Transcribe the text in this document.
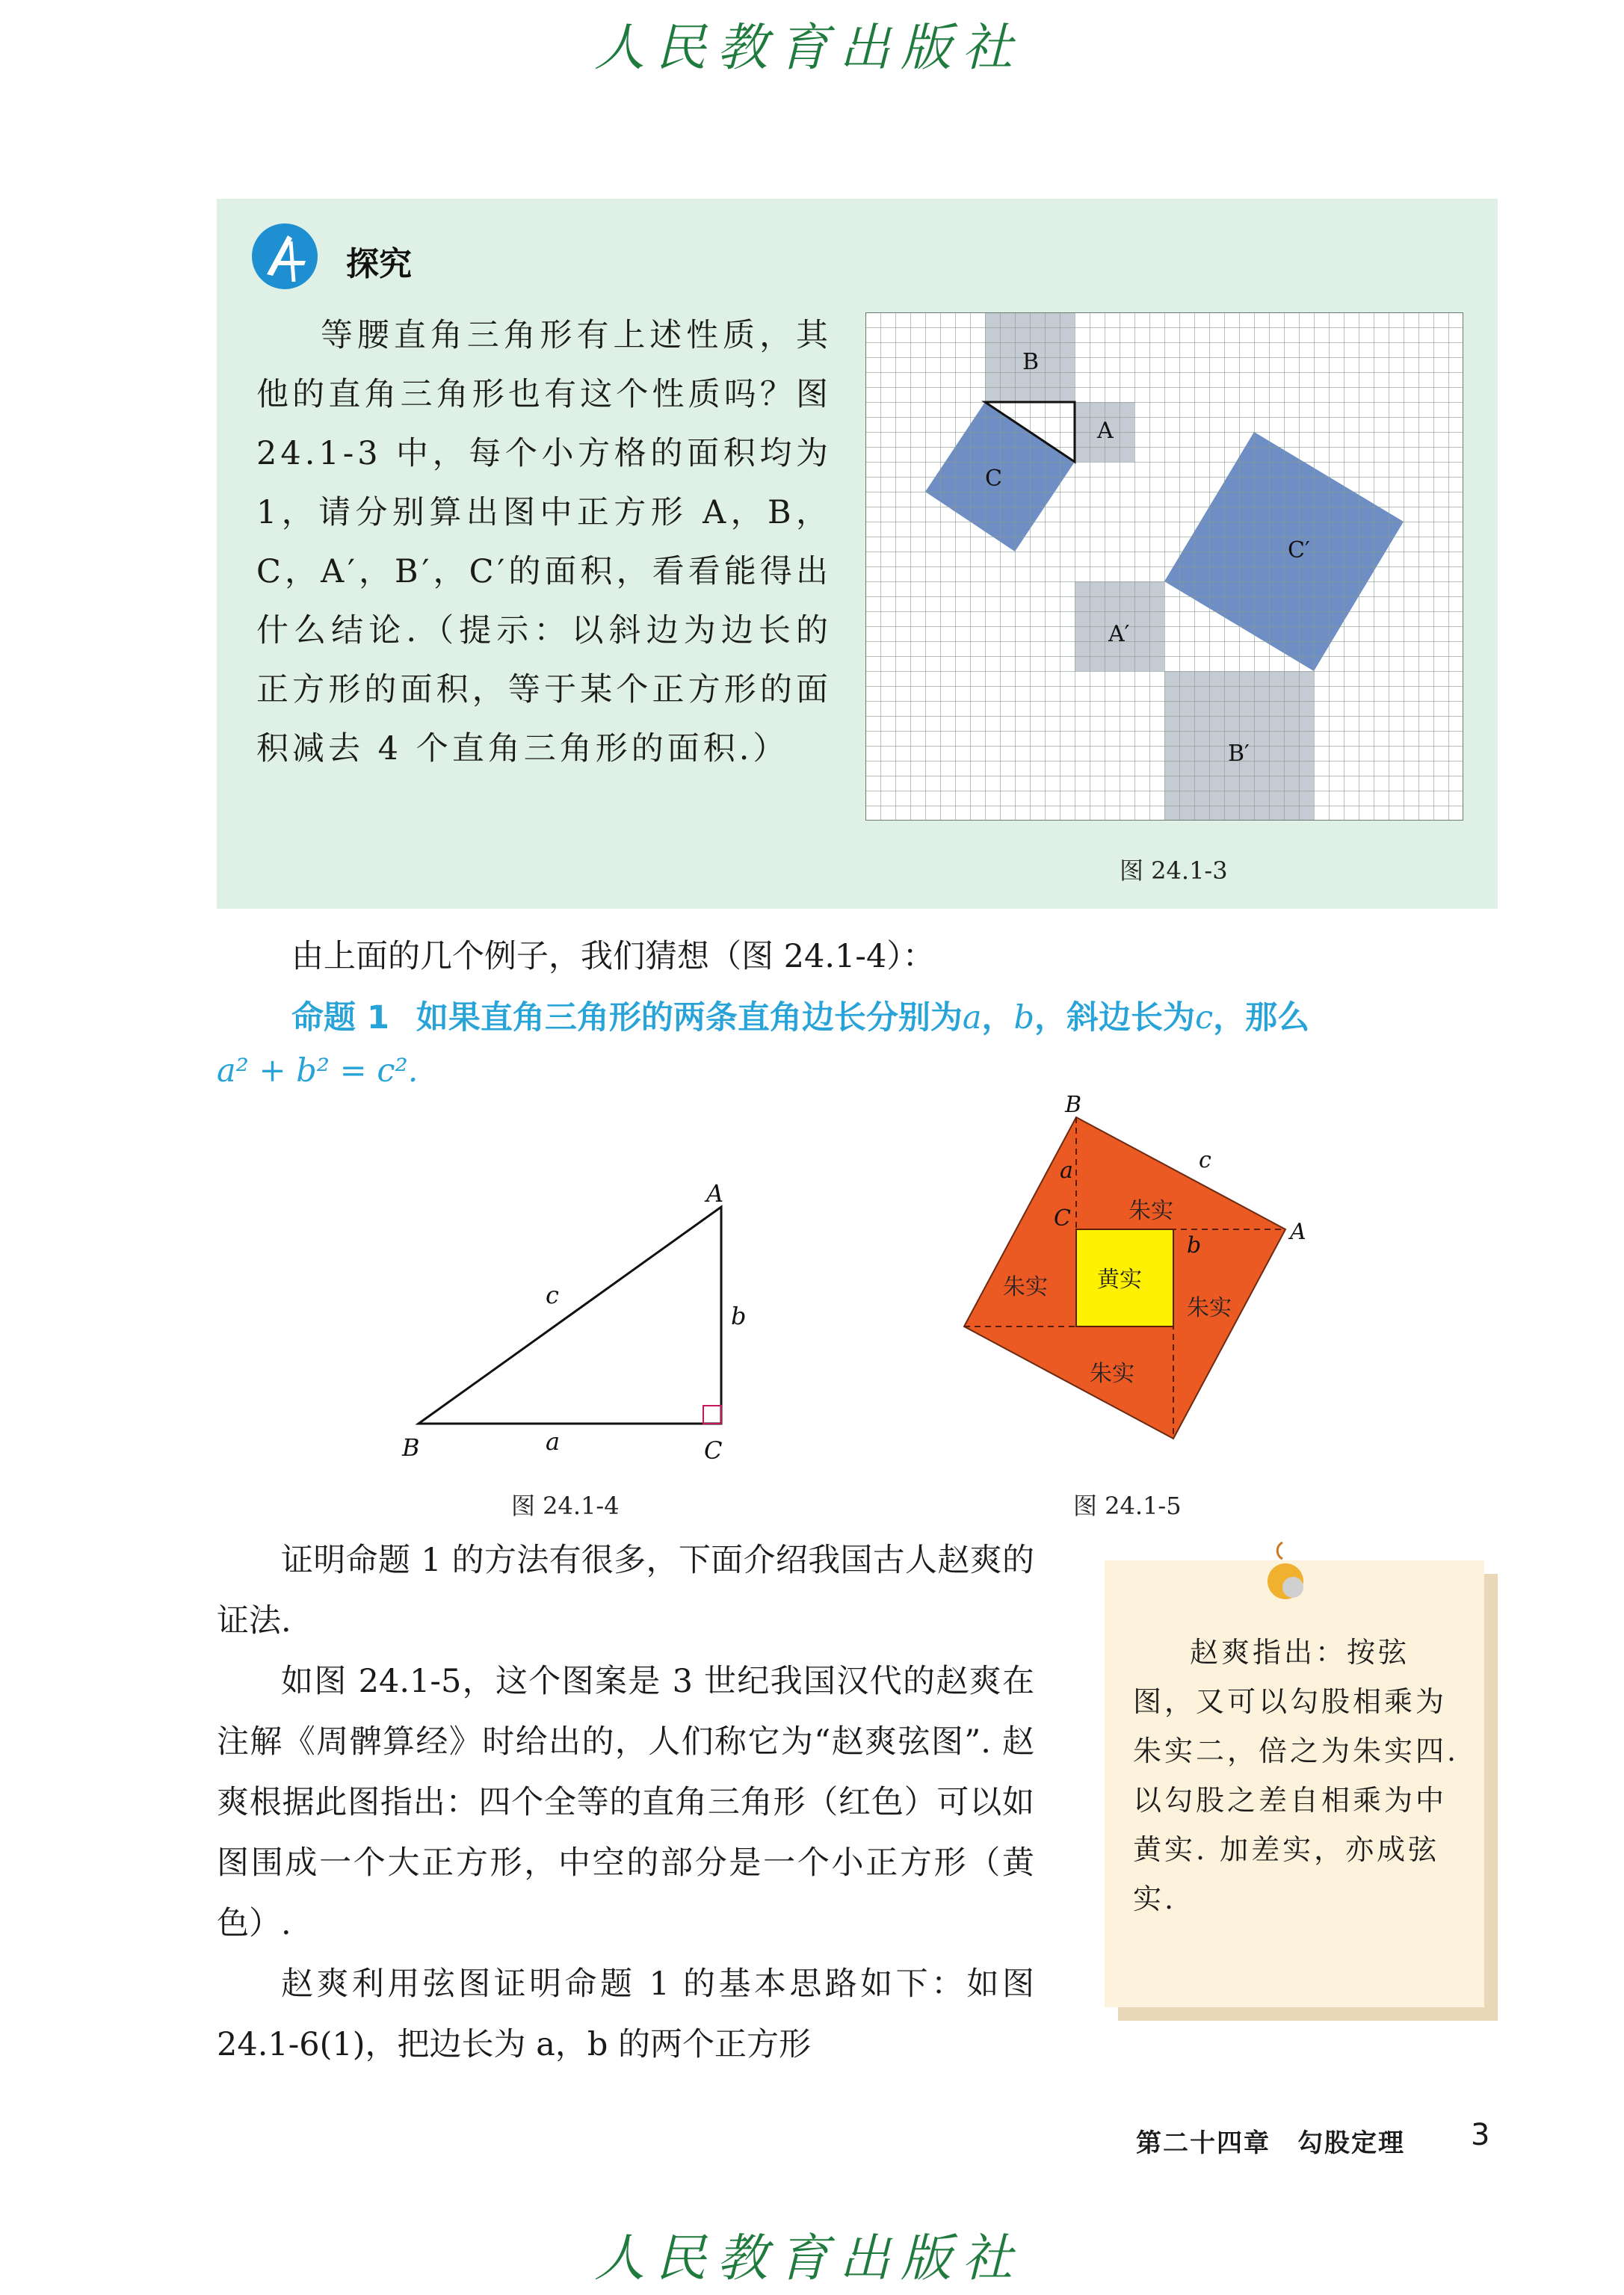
人民教育出版社
探究

等腰直角三角形有上述性质，其他的直角三角形也有这个性质吗？图 24.1-3 中，每个小方格的面积均为 1，请分别算出图中正方形 A，B，C，A′，B′，C′的面积，看看能得出什么结论.（提示：以斜边为边长的正方形的面积，等于某个正方形的面积减去 4 个直角三角形的面积.）

B
A
C
C′
A′
B′
图 24.1-3
由上面的几个例子，我们猜想（图 24.1-4）：
命题 1 如果直角三角形的两条直角边长分别为a，b，斜边长为c，那么
a² + b² = c².
A
B	C
a
b
c
图 24.1-4
黄实
朱实
朱实
朱实
朱实
B
A
C
a
b
c
图 24.1-5

证明命题 1 的方法有很多，下面介绍我国古人赵爽的证法.

如图 24.1-5，这个图案是 3 世纪我国汉代的赵爽在注解《周髀算经》时给出的，人们称它为“赵爽弦图”. 赵爽根据此图指出：四个全等的直角三角形（红色）可以如图围成一个大正方形，中空的部分是一个小正方形（黄色）.

赵爽利用弦图证明命题 1 的基本思路如下：如图 24.1-6(1)，把边长为 a，b 的两个正方形

赵爽指出：按弦图，又可以勾股相乘为朱实二，倍之为朱实四. 以勾股之差自相乘为中黄实. 加差实，亦成弦实.

第二十四章　勾股定理 3
人民教育出版社
